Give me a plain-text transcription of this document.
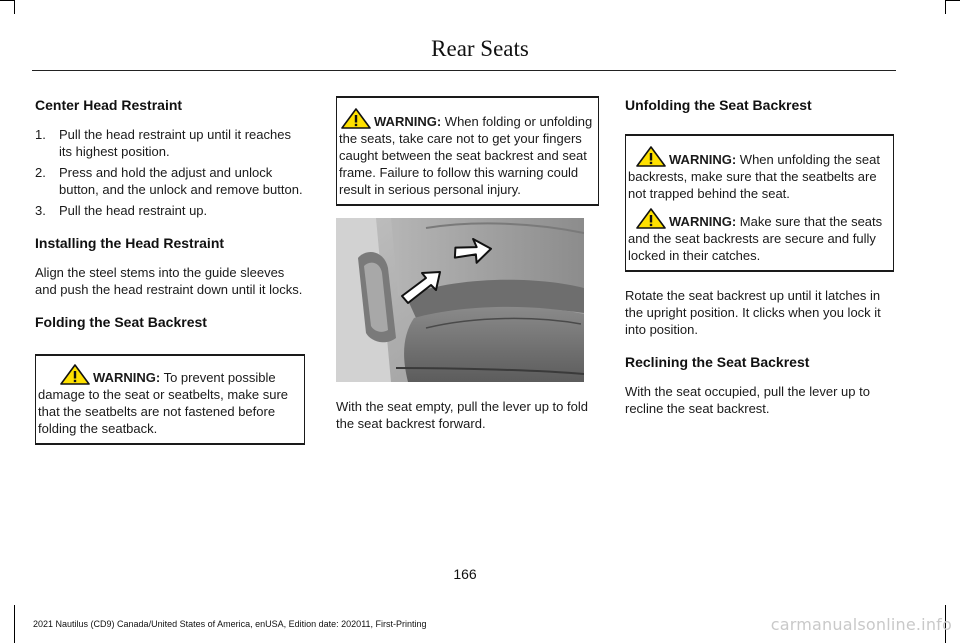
Rear Seats
Center Head Restraint
1.	Pull the head restraint up until it reaches its highest position.
2.	Press and hold the adjust and unlock button, and the unlock and remove button.
3.	Pull the head restraint up.
Installing the Head Restraint

Align the steel stems into the guide sleeves and push the head restraint down until it locks.

Folding the Seat Backrest
WARNING: To prevent possible damage to the seat or seatbelts, make sure that the seatbelts are not fastened before folding the seatback.
WARNING: When folding or unfolding the seats, take care not to get your fingers caught between the seat backrest and seat frame. Failure to follow this warning could result in serious personal injury.

With the seat empty, pull the lever up to fold the seat backrest forward.

Unfolding the Seat Backrest
WARNING: When unfolding the seat backrests, make sure that the seatbelts are not trapped behind the seat.
WARNING: Make sure that the seats and the seat backrests are secure and fully locked in their catches.

Rotate the seat backrest up until it latches in the upright position. It clicks when you lock it into position.

Reclining the Seat Backrest

With the seat occupied, pull the lever up to recline the seat backrest.

166
2021 Nautilus (CD9) Canada/United States of America, enUSA, Edition date: 202011, First-Printing	carmanualsonline.info
